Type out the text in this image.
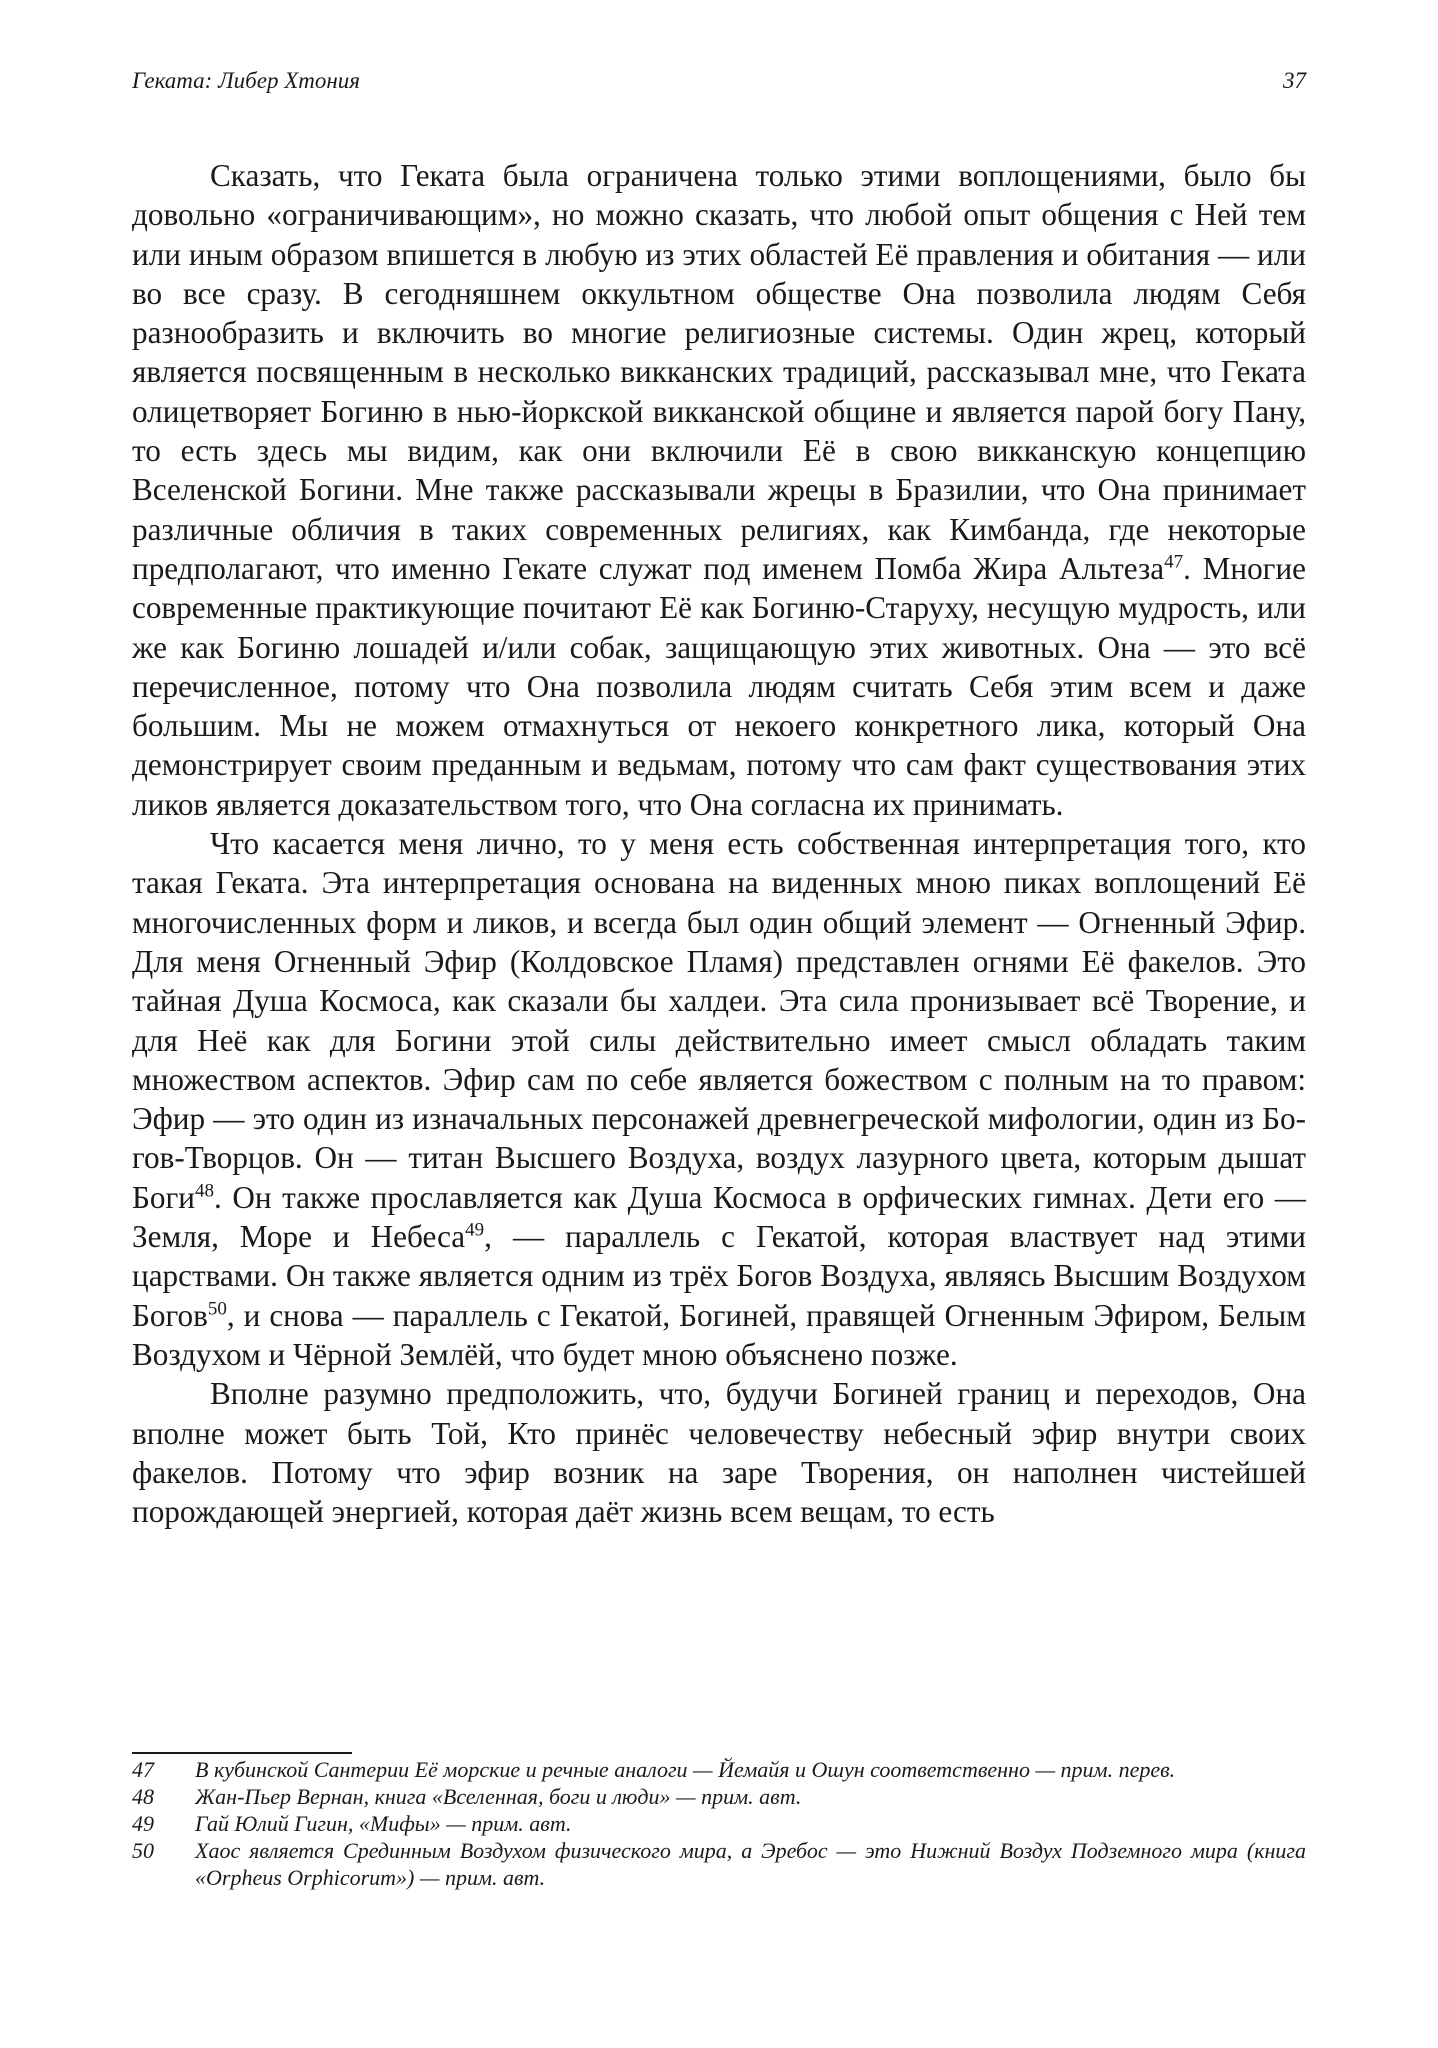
Геката: Либер Хтония	37

Сказать, что Геката была ограничена только этими воплощениями, было бы довольно «ограничивающим», но можно сказать, что любой опыт общения с Ней тем или иным образом впишется в любую из этих областей Её правления и обитания — или во все сразу. В сегодняшнем оккультном обществе Она позволила людям Себя разнообразить и включить во многие религиозные системы. Один жрец, который является посвященным в несколько викканских традиций, рассказывал мне, что Геката олицетворяет Богиню в нью-йоркской викканской общине и является парой богу Пану, то есть здесь мы видим, как они включили Её в свою викканскую концепцию Вселенской Богини. Мне также рассказывали жрецы в Бразилии, что Она принимает различные обличия в таких современных религиях, как Кимбанда, где некоторые предполагают, что именно Гекате служат под именем Помба Жира Альтеза$^{47}$. Многие современные практикующие почитают Её как Богиню-Старуху, несущую мудрость, или же как Богиню лошадей и/или собак, защищающую этих животных. Она — это всё перечисленное, потому что Она позволила людям считать Себя этим всем и даже большим. Мы не можем отмахнуться от некоего конкретного лика, который Она демонстрирует своим преданным и ведьмам, потому что сам факт существования этих ликов является доказательством того, что Она согласна их принимать.

Что касается меня лично, то у меня есть собственная интерпретация того, кто такая Геката. Эта интерпретация основана на виденных мною пиках воплощений Её многочисленных форм и ликов, и всегда был один общий элемент — Огненный Эфир. Для меня Огненный Эфир (Колдовское Пламя) представлен огнями Её факелов. Это тайная Душа Космоса, как сказали бы халдеи. Эта сила пронизывает всё Творение, и для Неё как для Богини этой силы действительно имеет смысл обладать таким множеством аспектов. Эфир сам по себе является божеством с полным на то правом: Эфир — это один из изначальных персонажей древнегреческой мифологии, один из Богов-Творцов. Он — титан Высшего Воздуха, воздух лазурного цвета, которым дышат Боги$^{48}$. Он также прославляется как Душа Космоса в орфических гимнах. Дети его — Земля, Море и Небеса$^{49}$, — параллель с Гекатой, которая властвует над этими царствами. Он также является одним из трёх Богов Воздуха, являясь Высшим Воздухом Богов$^{50}$, и снова — параллель с Гекатой, Богиней, правящей Огненным Эфиром, Белым Воздухом и Чёрной Землёй, что будет мною объяснено позже.

Вполне разумно предположить, что, будучи Богиней границ и переходов, Она вполне может быть Той, Кто принёс человечеству небесный эфир внутри своих факелов. Потому что эфир возник на заре Творения, он наполнен чистейшей порождающей энергией, которая даёт жизнь всем вещам, то есть

47 В кубинской Сантерии Её морские и речные аналоги — Йемайя и Ошун соответственно — прим. перев.
48 Жан-Пьер Вернан, книга «Вселенная, боги и люди» — прим. авт.
49 Гай Юлий Гигин, «Мифы» — прим. авт.
50 Хаос является Срединным Воздухом физического мира, а Эребос — это Нижний Воздух Подземного мира (книга «Orpheus Orphicorum») — прим. авт.
